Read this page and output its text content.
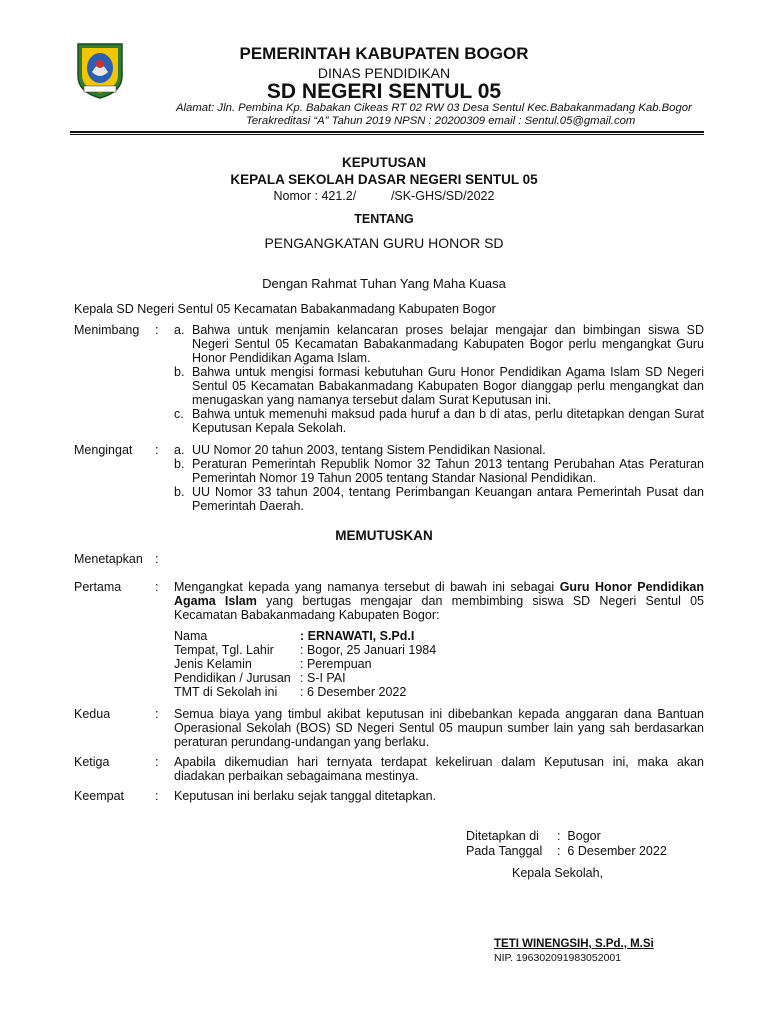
PEMERINTAH KABUPATEN BOGOR
DINAS PENDIDIKAN
SD NEGERI SENTUL 05
Alamat: Jln. Pembina Kp. Babakan Cikeas RT 02 RW 03 Desa Sentul Kec.Babakanmadang Kab.Bogor
Terakreditasi “A” Tahun 2019 NPSN : 20200309 email : Sentul.05@gmail.com
KEPUTUSAN
KEPALA SEKOLAH DASAR NEGERI SENTUL 05
Nomor : 421.2/          /SK-GHS/SD/2022
TENTANG
PENGANGKATAN GURU HONOR SD
Dengan Rahmat Tuhan Yang Maha Kuasa
Kepala SD Negeri Sentul 05 Kecamatan Babakanmadang Kabupaten Bogor
Menimbang : a. Bahwa untuk menjamin kelancaran proses belajar mengajar dan bimbingan siswa SD Negeri Sentul 05 Kecamatan Babakanmadang Kabupaten Bogor perlu mengangkat Guru Honor Pendidikan Agama Islam.
b. Bahwa untuk mengisi formasi kebutuhan Guru Honor Pendidikan Agama Islam SD Negeri Sentul 05 Kecamatan Babakanmadang Kabupaten Bogor dianggap perlu mengangkat dan menugaskan yang namanya tersebut dalam Surat Keputusan ini.
c. Bahwa untuk memenuhi maksud pada huruf a dan b di atas, perlu ditetapkan dengan Surat Keputusan Kepala Sekolah.
Mengingat : a. UU Nomor 20 tahun 2003, tentang Sistem Pendidikan Nasional.
b. Peraturan Pemerintah Republik Nomor 32 Tahun 2013 tentang Perubahan Atas Peraturan Pemerintah Nomor 19 Tahun 2005 tentang Standar Nasional Pendidikan.
b. UU Nomor 33 tahun 2004, tentang Perimbangan Keuangan antara Pemerintah Pusat dan Pemerintah Daerah.
MEMUTUSKAN
Menetapkan :
Pertama	: Mengangkat kepada yang namanya tersebut di bawah ini sebagai Guru Honor Pendidikan Agama Islam yang bertugas mengajar dan membimbing siswa SD Negeri Sentul 05 Kecamatan Babakanmadang Kabupaten Bogor:
Nama	: ERNAWATI, S.Pd.I
Tempat, Tgl. Lahir : Bogor, 25 Januari 1984
Jenis Kelamin	: Perempuan
Pendidikan / Jurusan : S-I PAI
TMT di Sekolah ini : 6 Desember 2022
Kedua	: Semua biaya yang timbul akibat keputusan ini dibebankan kepada anggaran dana Bantuan Operasional Sekolah (BOS) SD Negeri Sentul 05 maupun sumber lain yang sah berdasarkan peraturan perundang-undangan yang berlaku.
Ketiga	: Apabila dikemudian hari ternyata terdapat kekeliruan dalam Keputusan ini, maka akan diadakan perbaikan sebagaimana mestinya.
Keempat : Keputusan ini berlaku sejak tanggal ditetapkan.
Ditetapkan di :  Bogor
Pada Tanggal :  6 Desember 2022
Kepala Sekolah,
TETI WINENGSIH, S.Pd., M.Si
NIP. 196302091983052001
